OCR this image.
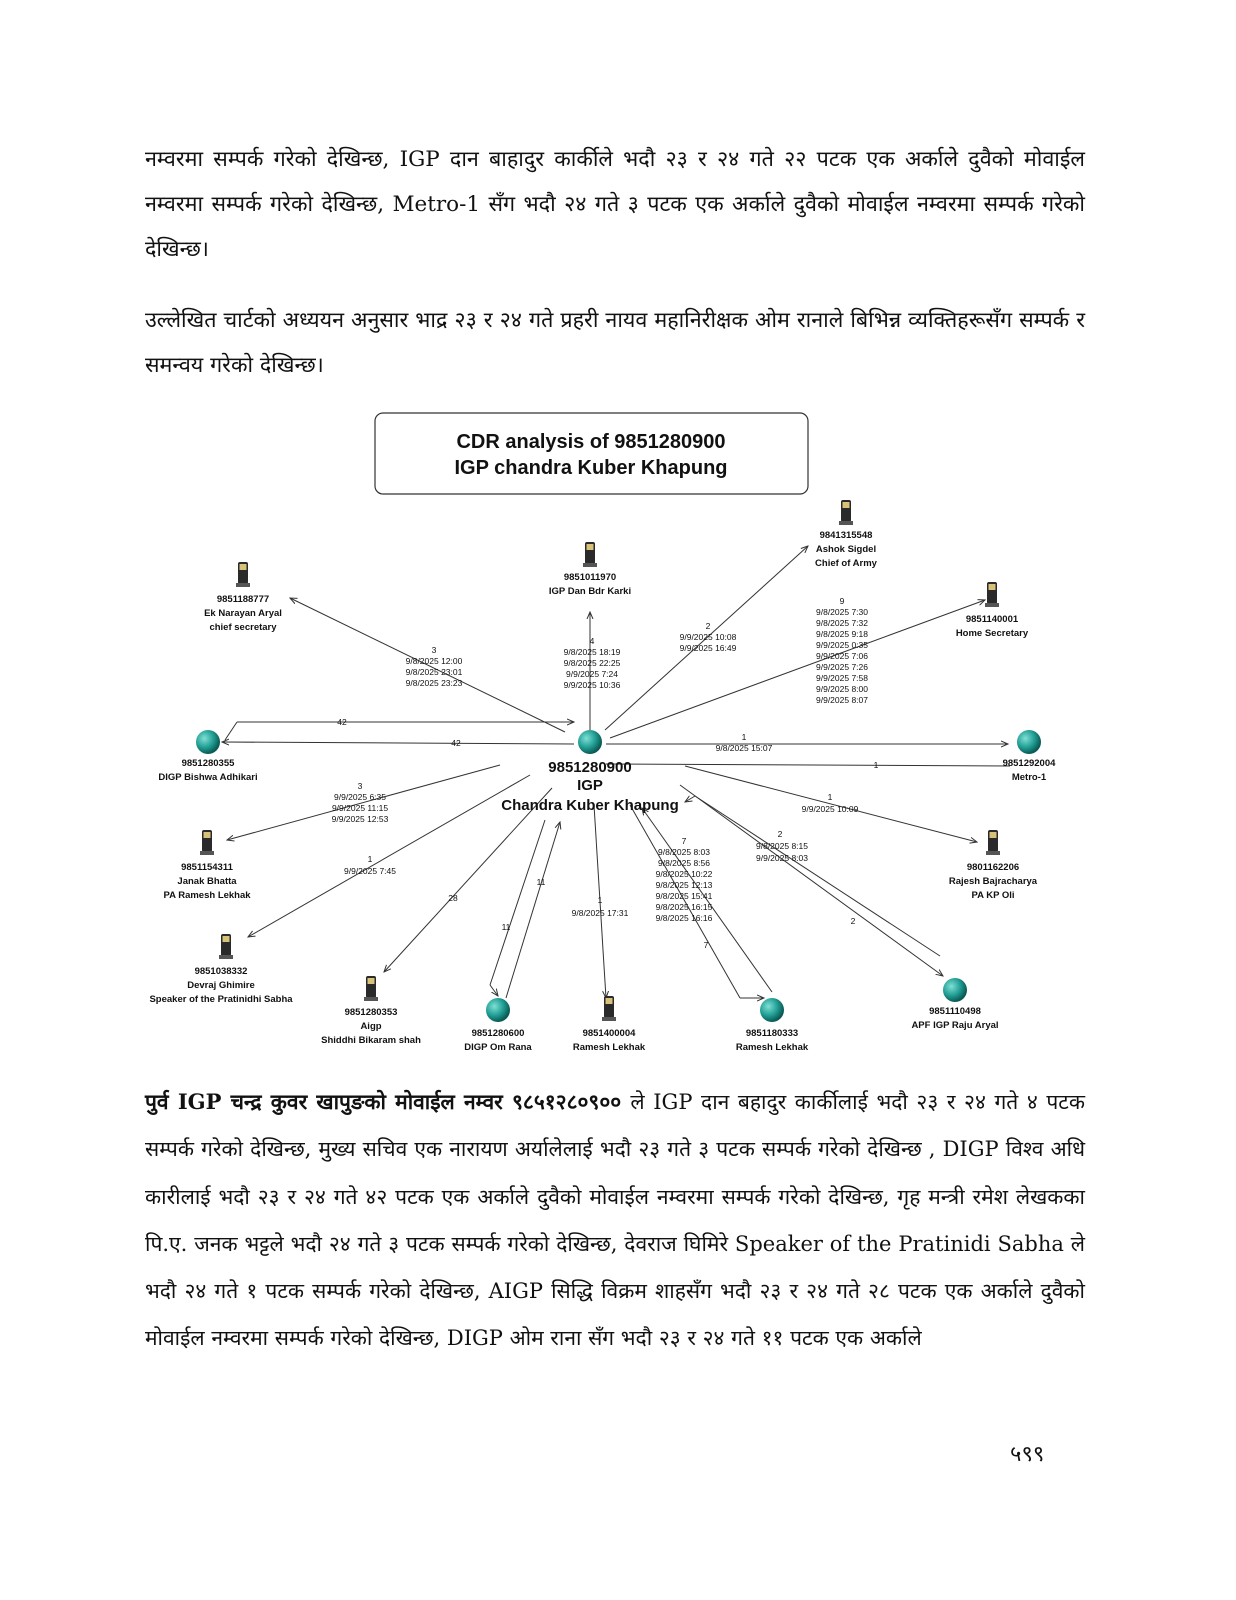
नम्वरमा सम्पर्क गरेको देखिन्छ, IGP दान बाहादुर कार्कीले भदौ २३ र २४ गते २२ पटक एक अर्कालेे दुवैको मोवाईल नम्वरमा सम्पर्क गरेको देखिन्छ, Metro-1 सँग भदौ २४ गते ३ पटक एक अर्काले दुवैको मोवाईल नम्वरमा सम्पर्क गरेको देखिन्छ।

उल्लेखित चार्टको अध्ययन अनुसार भाद्र २३ र २४ गते प्रहरी नायव महानिरीक्षक ओम रानाले बिभिन्न व्यक्तिहरूसँग सम्पर्क र समन्वय गरेको देखिन्छ।

CDR analysis of 9851280900
IGP chandra Kuber Khapung
3
9/8/2025 12:00
9/8/2025 23:01
9/8/2025 23:23
4
9/8/2025 18:19
9/8/2025 22:25
9/9/2025 7:24
9/9/2025 10:36
2
9/9/2025 10:08
9/9/2025 16:49
9
9/8/2025 7:30
9/8/2025 7:32
9/8/2025 9:18
9/9/2025 0:35
9/9/2025 7:06
9/9/2025 7:26
9/9/2025 7:58
9/9/2025 8:00
9/9/2025 8:07
42
42
1
9/8/2025 15:07
1
3
9/9/2025 6:35
9/9/2025 11:15
9/9/2025 12:53
1
9/9/2025 10:09
1
9/9/2025 7:45
28
11
11
1
9/8/2025 17:31
7
9/8/2025 8:03
9/8/2025 8:56
9/8/2025 10:22
9/8/2025 12:13
9/8/2025 15:41
9/8/2025 16:15
9/8/2025 16:16
7
2
9/8/2025 8:15
9/9/2025 8:03
2
9851280900
IGP
Chandra Kuber Khapung
9851011970
IGP Dan Bdr Karki
9841315548
Ashok Sigdel
Chief of Army
9851188777
Ek Narayan Aryal
chief secretary
9851140001
Home Secretary
9851154311
Janak Bhatta
PA Ramesh Lekhak
9801162206
Rajesh Bajracharya
PA KP Oli
9851038332
Devraj Ghimire
Speaker of the Pratinidhi Sabha
9851280353
Aigp
Shiddhi Bikaram shah
9851400004
Ramesh Lekhak
9851280355
DIGP Bishwa Adhikari
9851292004
Metro-1
9851280600
DIGP Om Rana
9851180333
Ramesh Lekhak
9851110498
APF IGP Raju Aryal

पुर्व IGP चन्द्र कुवर खापुङको मोवाईल नम्वर ९८५१२८०९०० ले IGP दान बहादुर कार्कीलाई भदौ २३ र २४ गते ४ पटक सम्पर्क गरेको देखिन्छ, मुख्य सचिव एक नारायण अर्यालेलाई भदौ २३ गते ३ पटक सम्पर्क गरेको देखिन्छ , DIGP विश्व अधि कारीलाई भदौ २३ र २४ गते ४२ पटक एक अर्काले दुवैको मोवाईल नम्वरमा सम्पर्क गरेको देखिन्छ, गृह मन्त्री रमेश लेखकका पि.ए. जनक भट्टले भदौ २४ गते ३ पटक सम्पर्क गरेको देखिन्छ, देवराज घिमिरे Speaker of the Pratinidi Sabha ले भदौ २४ गते १ पटक सम्पर्क गरेको देखिन्छ, AIGP सिद्धि विक्रम शाहसँग भदौ २३ र २४ गते २८ पटक एक अर्काले दुवैको मोवाईल नम्वरमा सम्पर्क गरेको देखिन्छ, DIGP ओम राना सँग भदौ २३ र २४ गते ११ पटक एक अर्काले

५९९
